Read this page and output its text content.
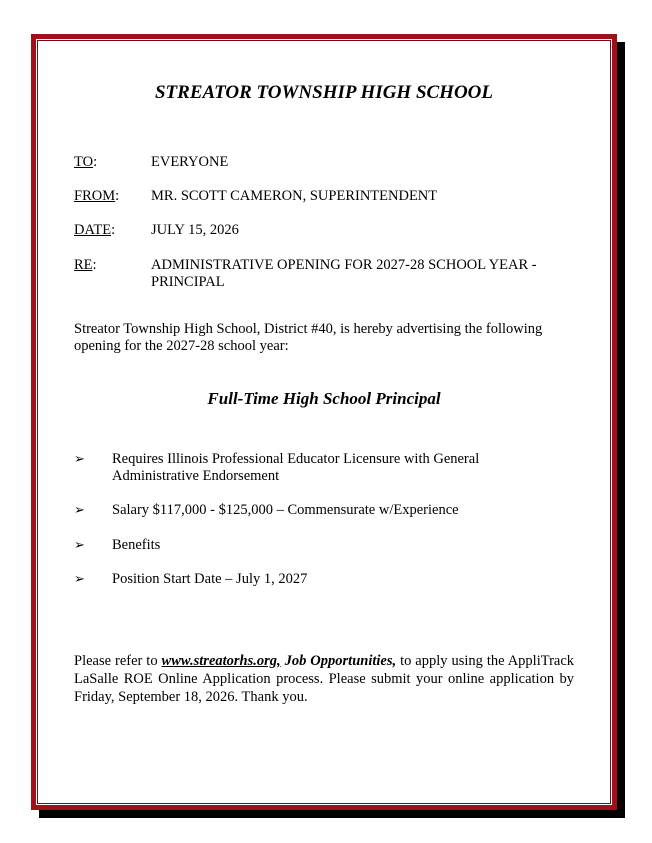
STREATOR TOWNSHIP HIGH SCHOOL
TO:	EVERYONE
FROM:	MR. SCOTT CAMERON, SUPERINTENDENT
DATE:	JULY 15, 2026
RE:	ADMINISTRATIVE OPENING FOR 2027-28 SCHOOL YEAR - PRINCIPAL
Streator Township High School, District #40, is hereby advertising the following opening for the 2027-28 school year:
Full-Time High School Principal
➢	Requires Illinois Professional Educator Licensure with General Administrative Endorsement
➢	Salary $117,000 - $125,000 – Commensurate w/Experience
➢	Benefits
➢	Position Start Date – July 1, 2027
Please refer to www.streatorhs.org, Job Opportunities, to apply using the AppliTrack LaSalle ROE Online Application process. Please submit your online application by Friday, September 18, 2026. Thank you.
